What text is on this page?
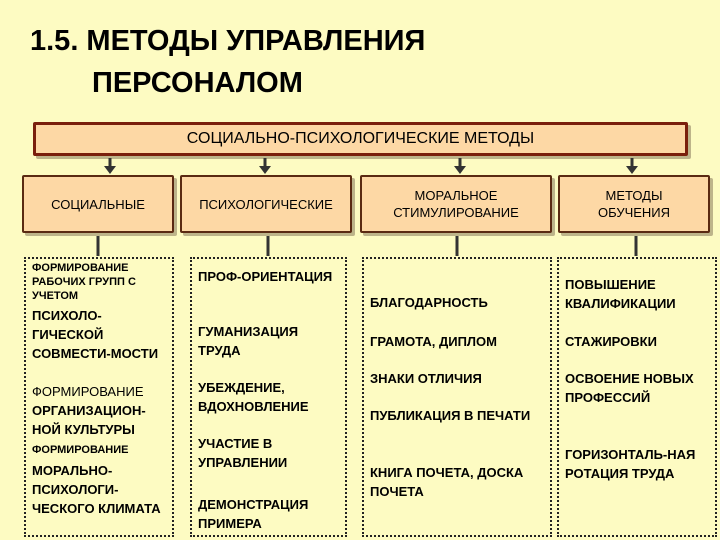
1.5. МЕТОДЫ УПРАВЛЕНИЯ
ПЕРСОНАЛОМ
СОЦИАЛЬНО-ПСИХОЛОГИЧЕСКИЕ МЕТОДЫ
СОЦИАЛЬНЫЕ	ПСИХОЛОГИЧЕСКИЕ
МОРАЛЬНОЕ СТИМУЛИРОВАНИЕ
МЕТОДЫ ОБУЧЕНИЯ
ФОРМИРОВАНИЕ РАБОЧИХ ГРУПП С УЧЕТОМ
ПСИХОЛО-ГИЧЕСКОЙ СОВМЕСТИ-МОСТИ
ФОРМИРОВАНИЕ
ОРГАНИЗАЦИОН-НОЙ КУЛЬТУРЫ
ФОРМИРОВАНИЕ
МОРАЛЬНО-ПСИХОЛОГИ-ЧЕСКОГО КЛИМАТА
ПРОФ-ОРИЕНТАЦИЯ
ГУМАНИЗАЦИЯ ТРУДА
УБЕЖДЕНИЕ, ВДОХНОВЛЕНИЕ
УЧАСТИЕ В УПРАВЛЕНИИ
ДЕМОНСТРАЦИЯ ПРИМЕРА
БЛАГОДАРНОСТЬ
ГРАМОТА, ДИПЛОМ
ЗНАКИ ОТЛИЧИЯ
ПУБЛИКАЦИЯ В ПЕЧАТИ
КНИГА ПОЧЕТА, ДОСКА ПОЧЕТА
ПОВЫШЕНИЕ КВАЛИФИКАЦИИ
СТАЖИРОВКИ
ОСВОЕНИЕ НОВЫХ ПРОФЕССИЙ
ГОРИЗОНТАЛЬ-НАЯ РОТАЦИЯ ТРУДА
